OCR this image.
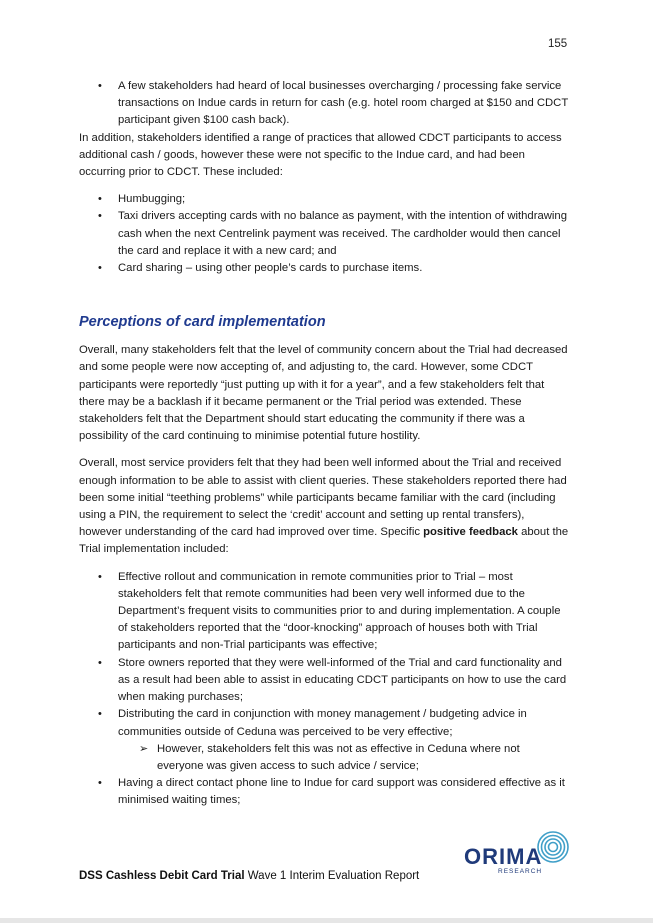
155
• A few stakeholders had heard of local businesses overcharging / processing fake service transactions on Indue cards in return for cash (e.g. hotel room charged at $150 and CDCT participant given $100 cash back).

In addition, stakeholders identified a range of practices that allowed CDCT participants to access additional cash / goods, however these were not specific to the Indue card, and had been occurring prior to CDCT. These included:

• Humbugging;
• Taxi drivers accepting cards with no balance as payment, with the intention of withdrawing cash when the next Centrelink payment was received. The cardholder would then cancel the card and replace it with a new card; and
• Card sharing – using other people’s cards to purchase items.
Perceptions of card implementation

Overall, many stakeholders felt that the level of community concern about the Trial had decreased and some people were now accepting of, and adjusting to, the card. However, some CDCT participants were reportedly “just putting up with it for a year”, and a few stakeholders felt that there may be a backlash if it became permanent or the Trial period was extended. These stakeholders felt that the Department should start educating the community if there was a possibility of the card continuing to minimise potential future hostility.

Overall, most service providers felt that they had been well informed about the Trial and received enough information to be able to assist with client queries. These stakeholders reported there had been some initial “teething problems” while participants became familiar with the card (including using a PIN, the requirement to select the ‘credit’ account and setting up rental transfers), however understanding of the card had improved over time. Specific positive feedback about the Trial implementation included:

• Effective rollout and communication in remote communities prior to Trial – most stakeholders felt that remote communities had been very well informed due to the Department’s frequent visits to communities prior to and during implementation. A couple of stakeholders reported that the “door-knocking” approach of houses both with Trial participants and non-Trial participants was effective;
• Store owners reported that they were well-informed of the Trial and card functionality and as a result had been able to assist in educating CDCT participants on how to use the card when making purchases;
• Distributing the card in conjunction with money management / budgeting advice in communities outside of Ceduna was perceived to be very effective;
➢ However, stakeholders felt this was not as effective in Ceduna where not everyone was given access to such advice / service;
• Having a direct contact phone line to Indue for card support was considered effective as it minimised waiting times;
ORIMA
RESEARCH
DSS Cashless Debit Card Trial Wave 1 Interim Evaluation Report
